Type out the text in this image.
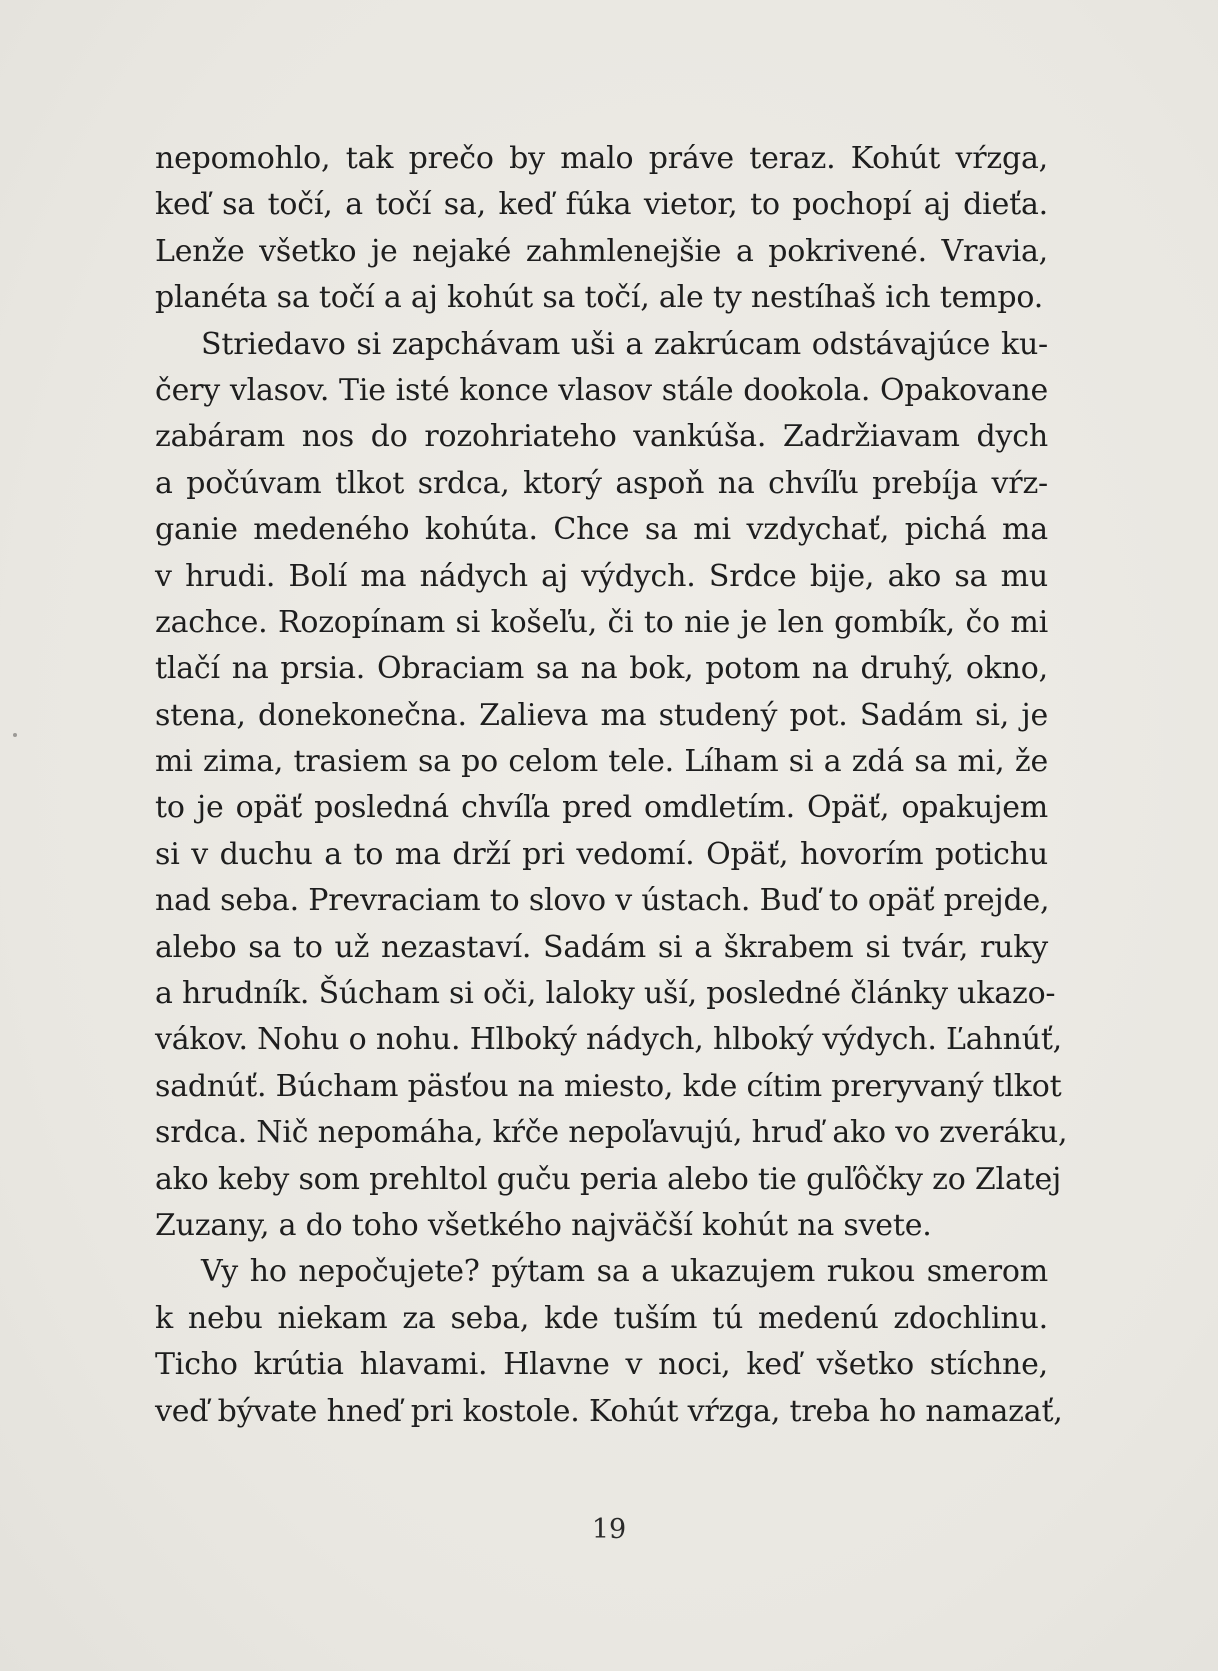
nepomohlo, tak prečo by malo práve teraz. Kohút vŕzga,
keď sa točí, a točí sa, keď fúka vietor, to pochopí aj dieťa.
Lenže všetko je nejaké zahmlenejšie a pokrivené. Vravia,
planéta sa točí a aj kohút sa točí, ale ty nestíhaš ich tempo.
Striedavo si zapchávam uši a zakrúcam odstávajúce ku-
čery vlasov. Tie isté konce vlasov stále dookola. Opakovane
zabáram nos do rozohriateho vankúša. Zadržiavam dych
a počúvam tlkot srdca, ktorý aspoň na chvíľu prebíja vŕz-
ganie medeného kohúta. Chce sa mi vzdychať, pichá ma
v hrudi. Bolí ma nádych aj výdych. Srdce bije, ako sa mu
zachce. Rozopínam si košeľu, či to nie je len gombík, čo mi
tlačí na prsia. Obraciam sa na bok, potom na druhý, okno,
stena, donekonečna. Zalieva ma studený pot. Sadám si, je
mi zima, trasiem sa po celom tele. Líham si a zdá sa mi, že
to je opäť posledná chvíľa pred omdletím. Opäť, opakujem
si v duchu a to ma drží pri vedomí. Opäť, hovorím potichu
nad seba. Prevraciam to slovo v ústach. Buď to opäť prejde,
alebo sa to už nezastaví. Sadám si a škrabem si tvár, ruky
a hrudník. Šúcham si oči, laloky uší, posledné články ukazo-
vákov. Nohu o nohu. Hlboký nádych, hlboký výdych. Ľahnúť,
sadnúť. Búcham päsťou na miesto, kde cítim preryvaný tlkot
srdca. Nič nepomáha, kŕče nepoľavujú, hruď ako vo zveráku,
ako keby som prehltol guču peria alebo tie guľôčky zo Zlatej
Zuzany, a do toho všetkého najväčší kohút na svete.
Vy ho nepočujete? pýtam sa a ukazujem rukou smerom
k nebu niekam za seba, kde tuším tú medenú zdochlinu.
Ticho krútia hlavami. Hlavne v noci, keď všetko stíchne,
veď bývate hneď pri kostole. Kohút vŕzga, treba ho namazať,
19
